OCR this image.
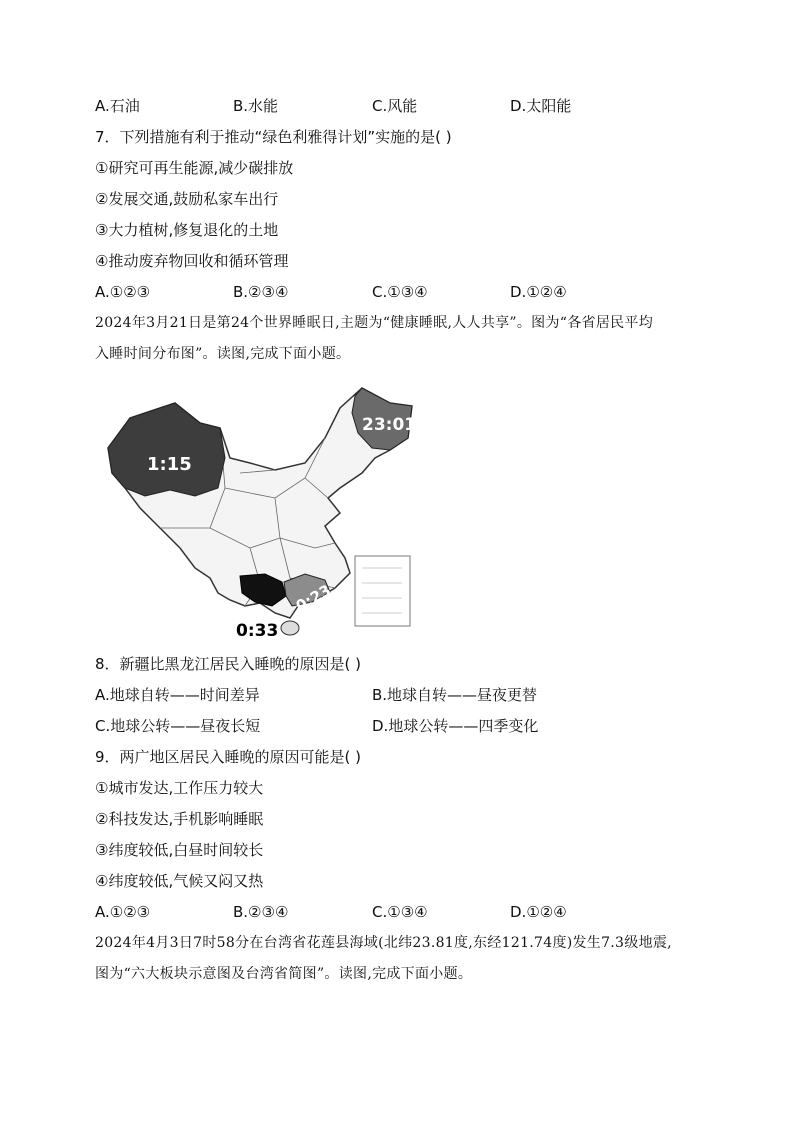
A.石油	B.水能	C.风能	D.太阳能
7．下列措施有利于推动“绿色利雅得计划”实施的是( )
①研究可再生能源,减少碳排放
②发展交通,鼓励私家车出行
③大力植树,修复退化的土地
④推动废弃物回收和循环管理
A.①②③	B.②③④	C.①③④	D.①②④
2024年3月21日是第24个世界睡眠日,主题为“健康睡眠,人人共享”。图为“各省居民平均
入睡时间分布图”。读图,完成下面小题。
1:15
23:01
0:23
0:33
8．新疆比黑龙江居民入睡晚的原因是( )
A.地球自转——时间差异	B.地球自转——昼夜更替
C.地球公转——昼夜长短	D.地球公转——四季变化
9．两广地区居民入睡晚的原因可能是( )
①城市发达,工作压力较大
②科技发达,手机影响睡眠
③纬度较低,白昼时间较长
④纬度较低,气候又闷又热
A.①②③	B.②③④	C.①③④	D.①②④
2024年4月3日7时58分在台湾省花莲县海域(北纬23.81度,东经121.74度)发生7.3级地震,
图为“六大板块示意图及台湾省简图”。读图,完成下面小题。
